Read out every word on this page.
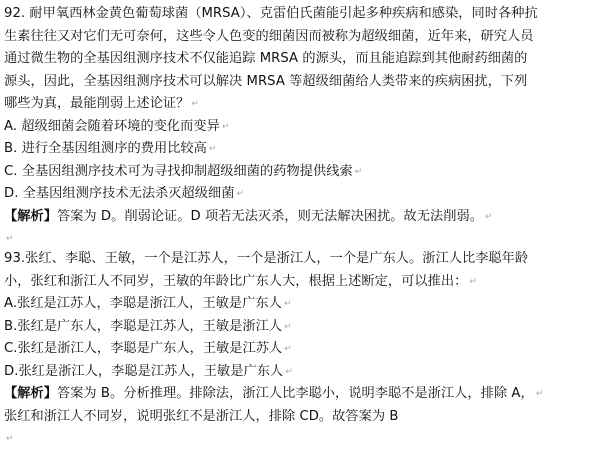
92. 耐甲氧西林金黄色葡萄球菌（MRSA）、克雷伯氏菌能引起多种疾病和感染，同时各种抗
生素往往又对它们无可奈何，这些令人色变的细菌因而被称为超级细菌，近年来，研究人员
通过微生物的全基因组测序技术不仅能追踪 MRSA 的源头，而且能追踪到其他耐药细菌的
源头，因此，全基因组测序技术可以解决 MRSA 等超级细菌给人类带来的疾病困扰，下列
哪些为真，最能削弱上述论证？ ↵
A. 超级细菌会随着环境的变化而变异 ↵
B. 进行全基因组测序的费用比较高 ↵
C. 全基因组测序技术可为寻找抑制超级细菌的药物提供线索 ↵
D. 全基因组测序技术无法杀灭超级细菌 ↵
【解析】答案为 D。削弱论证。D 项若无法灭杀，则无法解决困扰。故无法削弱。 ↵
↵
93.张红、李聪、王敏，一个是江苏人，一个是浙江人，一个是广东人。浙江人比李聪年龄
小，张红和浙江人不同岁，王敏的年龄比广东人大，根据上述断定，可以推出： ↵
A.张红是江苏人，李聪是浙江人，王敏是广东人 ↵
B.张红是广东人，李聪是江苏人，王敏是浙江人 ↵
C.张红是浙江人，李聪是广东人，王敏是江苏人 ↵
D.张红是浙江人，李聪是江苏人，王敏是广东人 ↵
【解析】答案为 B。分析推理。排除法，浙江人比李聪小，说明李聪不是浙江人，排除 A， ↵
张红和浙江人不同岁，说明张红不是浙江人，排除 CD。故答案为 B
↵
